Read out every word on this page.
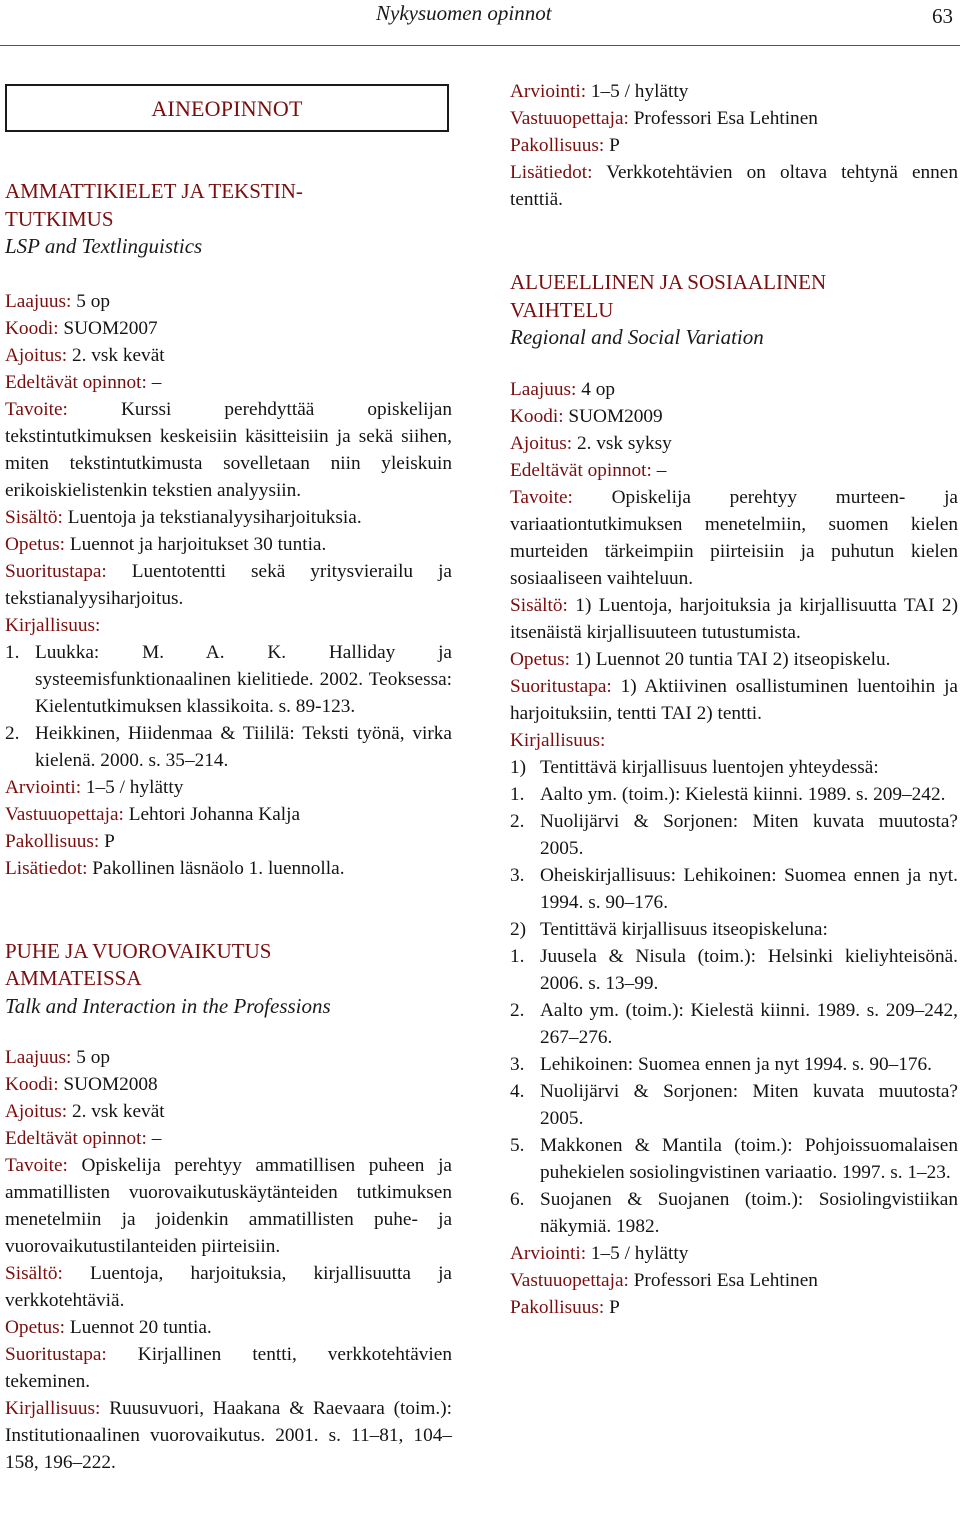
Nykysuomen opinnot	63
AINEOPINNOT

AMMATTIKIELET JA TEKSTIN-

TUTKIMUS

LSP and Textlinguistics

Laajuus: 5 op

Koodi: SUOM2007

Ajoitus: 2. vsk kevät

Edeltävät opinnot: –

Tavoite:	Kurssi perehdyttää opiskelijan tekstintutkimuksen keskeisiin käsitteisiin ja sekä siihen, miten tekstintutkimusta sovelletaan niin yleiskuin erikoiskielistenkin tekstien analyysiin.

Sisältö: Luentoja ja tekstianalyysiharjoituksia.

Opetus: Luennot ja harjoitukset 30 tuntia.

Suoritustapa: Luentotentti sekä yritysvierailu ja tekstianalyysiharjoitus.

Kirjallisuus:

1. Luukka: M. A. K. Halliday ja systeemisfunktionaalinen kielitiede. 2002. Teoksessa: Kielentutkimuksen klassikoita. s. 89-123.
2. Heikkinen, Hiidenmaa & Tiililä: Teksti työnä, virka kielenä. 2000. s. 35–214.

Arviointi: 1–5 / hylätty

Vastuuopettaja: Lehtori Johanna Kalja

Pakollisuus: P

Lisätiedot: Pakollinen läsnäolo 1. luennolla.

PUHE JA VUOROVAIKUTUS

AMMATEISSA

Talk and Interaction in the Professions

Laajuus: 5 op

Koodi: SUOM2008

Ajoitus: 2. vsk kevät

Edeltävät opinnot: –

Tavoite: Opiskelija perehtyy ammatillisen puheen ja ammatillisten vuorovaikutuskäytänteiden tutkimuksen menetelmiin ja joidenkin ammatillisten puhe- ja vuorovaikutustilanteiden piirteisiin.

Sisältö: Luentoja, harjoituksia, kirjallisuutta ja verkkotehtäviä.

Opetus: Luennot 20 tuntia.

Suoritustapa: Kirjallinen tentti, verkkotehtävien tekeminen.

Kirjallisuus: Ruusuvuori, Haakana & Raevaara (toim.): Institutionaalinen vuorovaikutus. 2001. s. 11–81, 104–158, 196–222.

Arviointi: 1–5 / hylätty

Vastuuopettaja: Professori Esa Lehtinen

Pakollisuus: P

Lisätiedot: Verkkotehtävien on oltava tehtynä ennen tenttiä.

ALUEELLINEN JA SOSIAALINEN

VAIHTELU

Regional and Social Variation

Laajuus: 4 op

Koodi: SUOM2009

Ajoitus: 2. vsk syksy

Edeltävät opinnot: –

Tavoite: Opiskelija perehtyy murteen- ja variaationtutkimuksen menetelmiin, suomen kielen murteiden tärkeimpiin piirteisiin ja puhutun kielen sosiaaliseen vaihteluun.

Sisältö: 1) Luentoja, harjoituksia ja kirjallisuutta TAI 2) itsenäistä kirjallisuuteen tutustumista.

Opetus: 1) Luennot 20 tuntia TAI 2) itseopiskelu.

Suoritustapa: 1) Aktiivinen osallistuminen luentoihin ja harjoituksiin, tentti TAI 2) tentti.

Kirjallisuus:

1) Tentittävä kirjallisuus luentojen yhteydessä:
1. Aalto ym. (toim.): Kielestä kiinni. 1989. s. 209–242.
2. Nuolijärvi & Sorjonen: Miten kuvata muutosta? 2005.
3. Oheiskirjallisuus: Lehikoinen: Suomea ennen ja nyt. 1994. s. 90–176.
2) Tentittävä kirjallisuus itseopiskeluna:
1. Juusela & Nisula (toim.): Helsinki kieliyhteisönä. 2006. s. 13–99.
2. Aalto ym. (toim.): Kielestä kiinni. 1989. s. 209–242, 267–276.
3. Lehikoinen: Suomea ennen ja nyt 1994. s. 90–176.
4. Nuolijärvi & Sorjonen: Miten kuvata muutosta? 2005.
5. Makkonen & Mantila (toim.): Pohjoissuomalaisen puhekielen sosiolingvistinen variaatio. 1997. s. 1–23.
6. Suojanen & Suojanen (toim.): Sosiolingvistiikan näkymiä. 1982.

Arviointi: 1–5 / hylätty

Vastuuopettaja: Professori Esa Lehtinen

Pakollisuus: P
